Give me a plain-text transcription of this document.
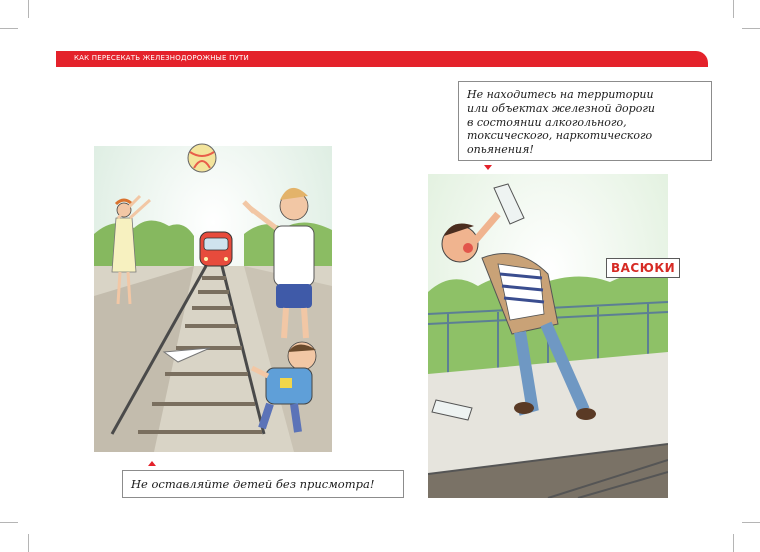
КАК ПЕРЕСЕКАТЬ ЖЕЛЕЗНОДОРОЖНЫЕ ПУТИ
ВАСЮКИ
Не находитесь на территории
или объектах железной дороги
в состоянии алкогольного,
токсического, наркотического
опьянения!
Не оставляйте детей без присмотра!
